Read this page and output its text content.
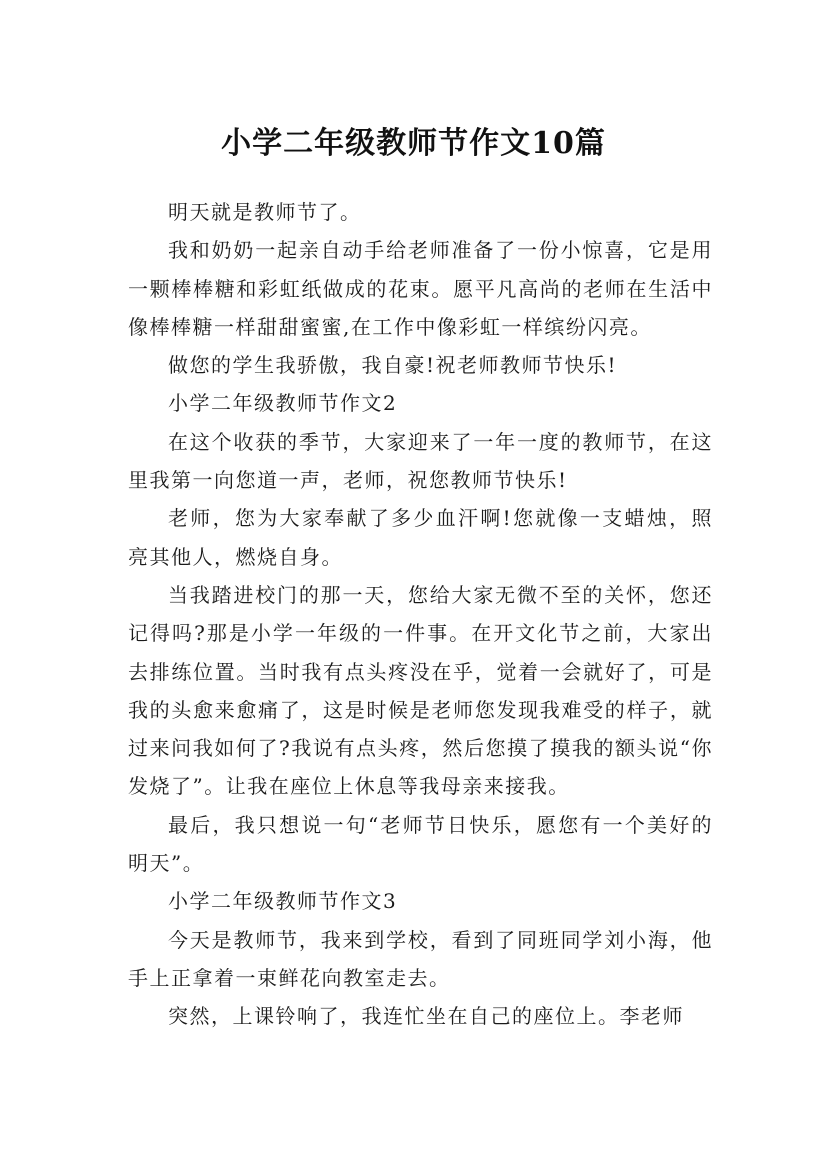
小学二年级教师节作文10篇

明天就是教师节了。

我和奶奶一起亲自动手给老师准备了一份小惊喜，它是用一颗棒棒糖和彩虹纸做成的花束。愿平凡高尚的老师在生活中像棒棒糖一样甜甜蜜蜜,在工作中像彩虹一样缤纷闪亮。

做您的学生我骄傲，我自豪!祝老师教师节快乐!

小学二年级教师节作文2

在这个收获的季节，大家迎来了一年一度的教师节，在这里我第一向您道一声，老师，祝您教师节快乐!

老师，您为大家奉献了多少血汗啊!您就像一支蜡烛，照亮其他人，燃烧自身。

当我踏进校门的那一天，您给大家无微不至的关怀，您还记得吗?那是小学一年级的一件事。在开文化节之前，大家出去排练位置。当时我有点头疼没在乎，觉着一会就好了，可是我的头愈来愈痛了，这是时候是老师您发现我难受的样子，就过来问我如何了?我说有点头疼，然后您摸了摸我的额头说“你发烧了”。让我在座位上休息等我母亲来接我。

最后，我只想说一句“老师节日快乐，愿您有一个美好的明天”。

小学二年级教师节作文3

今天是教师节，我来到学校，看到了同班同学刘小海，他手上正拿着一束鲜花向教室走去。

突然，上课铃响了，我连忙坐在自己的座位上。李老师
